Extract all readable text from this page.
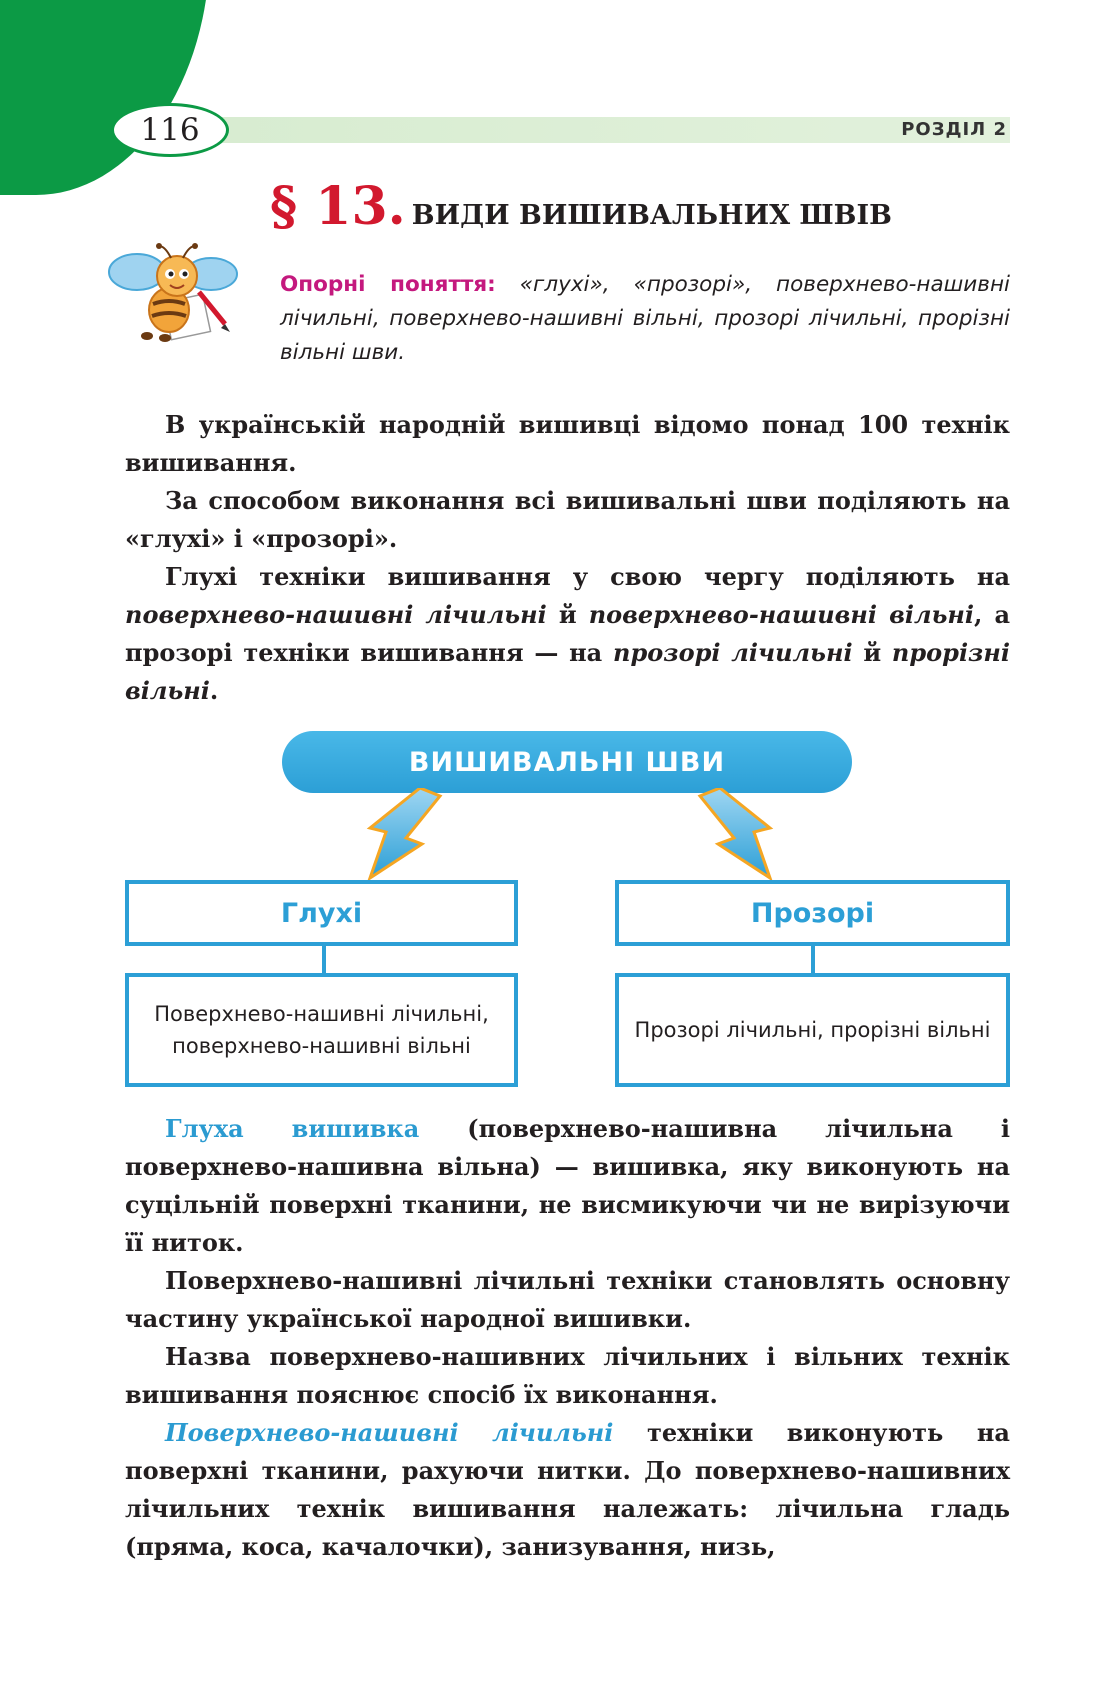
116	РОЗДІЛ 2
§ 13. ВИДИ ВИШИВАЛЬНИХ ШВІВ
Опорні поняття: «глухі», «прозорі», поверхнево-нашивні лічильні, поверхнево-нашивні вільні, прозорі лічильні, прорізні вільні шви.

В українській народній вишивці відомо понад 100 технік вишивання.

За способом виконання всі вишивальні шви поділяють на «глухі» і «прозорі».

Глухі техніки вишивання у свою чергу поділяють на поверхнево-нашивні лічильні й поверхнево-нашивні вільні, а прозорі техніки вишивання — на прозорі лічильні й прорізні вільні.

ВИШИВАЛЬНІ ШВИ
Глухі	Прозорі
Поверхнево-нашивні лічильні, поверхнево-нашивні вільні
Прозорі лічильні, прорізні вільні

Глуха вишивка (поверхнево-нашивна лічильна і поверхнево-нашивна вільна) — вишивка, яку виконують на суцільній поверхні тканини, не висмикуючи чи не вирізуючи її ниток.

Поверхнево-нашивні лічильні техніки становлять основну частину української народної вишивки.

Назва поверхнево-нашивних лічильних і вільних технік вишивання пояснює спосіб їх виконання.

Поверхнево-нашивні лічильні техніки виконують на поверхні тканини, рахуючи нитки. До поверхнево-нашивних лічильних технік вишивання належать: лічильна гладь (пряма, коса, качалочки), занизування, низь,
